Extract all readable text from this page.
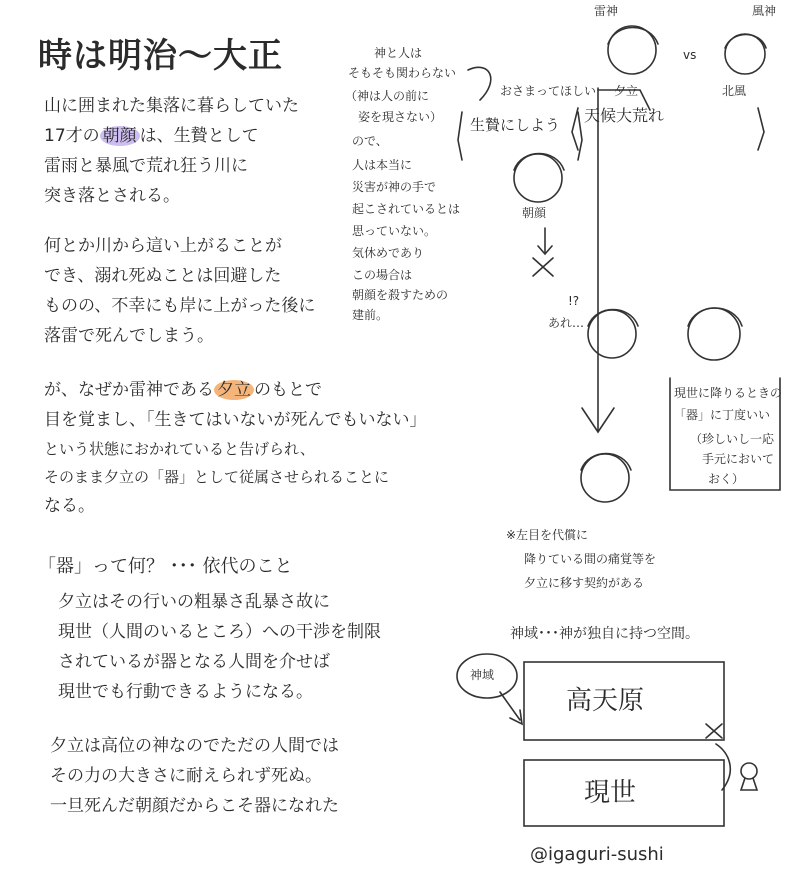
時は明治〜大正
山に囲まれた集落に暮らしていた
17才の 朝顔 は、生贄として
雷雨と暴風で荒れ狂う川に
突き落とされる。
何とか川から這い上がることが
でき、溺れ死ぬことは回避した
ものの、不幸にも岸に上がった後に
落雷で死んでしまう。
が、なぜか雷神である 夕立 のもとで
目を覚まし、「生きてはいないが死んでもいない」
という状態におかれていると告げられ、
そのまま夕立の「器」として従属させられることに
なる。
「器」って何？ ･･･ 依代のこと
夕立はその行いの粗暴さ乱暴さ故に
現世（人間のいるところ）への干渉を制限
されているが器となる人間を介せば
現世でも行動できるようになる。
夕立は高位の神なのでただの人間では
その力の大きさに耐えられず死ぬ。
一旦死んだ朝顔だからこそ器になれた
雷神	風神
vs
夕立	北風
天候大荒れ
おさまってほしい
生贄にしよう
朝顔
神と人は
そもそも関わらない
（神は人の前に
姿を現さない）
ので、
人は本当に
災害が神の手で
起こされているとは
思っていない。
気休めであり
この場合は
朝顔を殺すための
建前。
!?
あれ…
現世に降りるときの
「器」に丁度いい
（珍しいし一応
手元において
おく）
※左目を代償に
降りている間の痛覚等を
夕立に移す契約がある
神域･･･神が独自に持つ空間。
神域
高天原
現世
@igaguri-sushi
